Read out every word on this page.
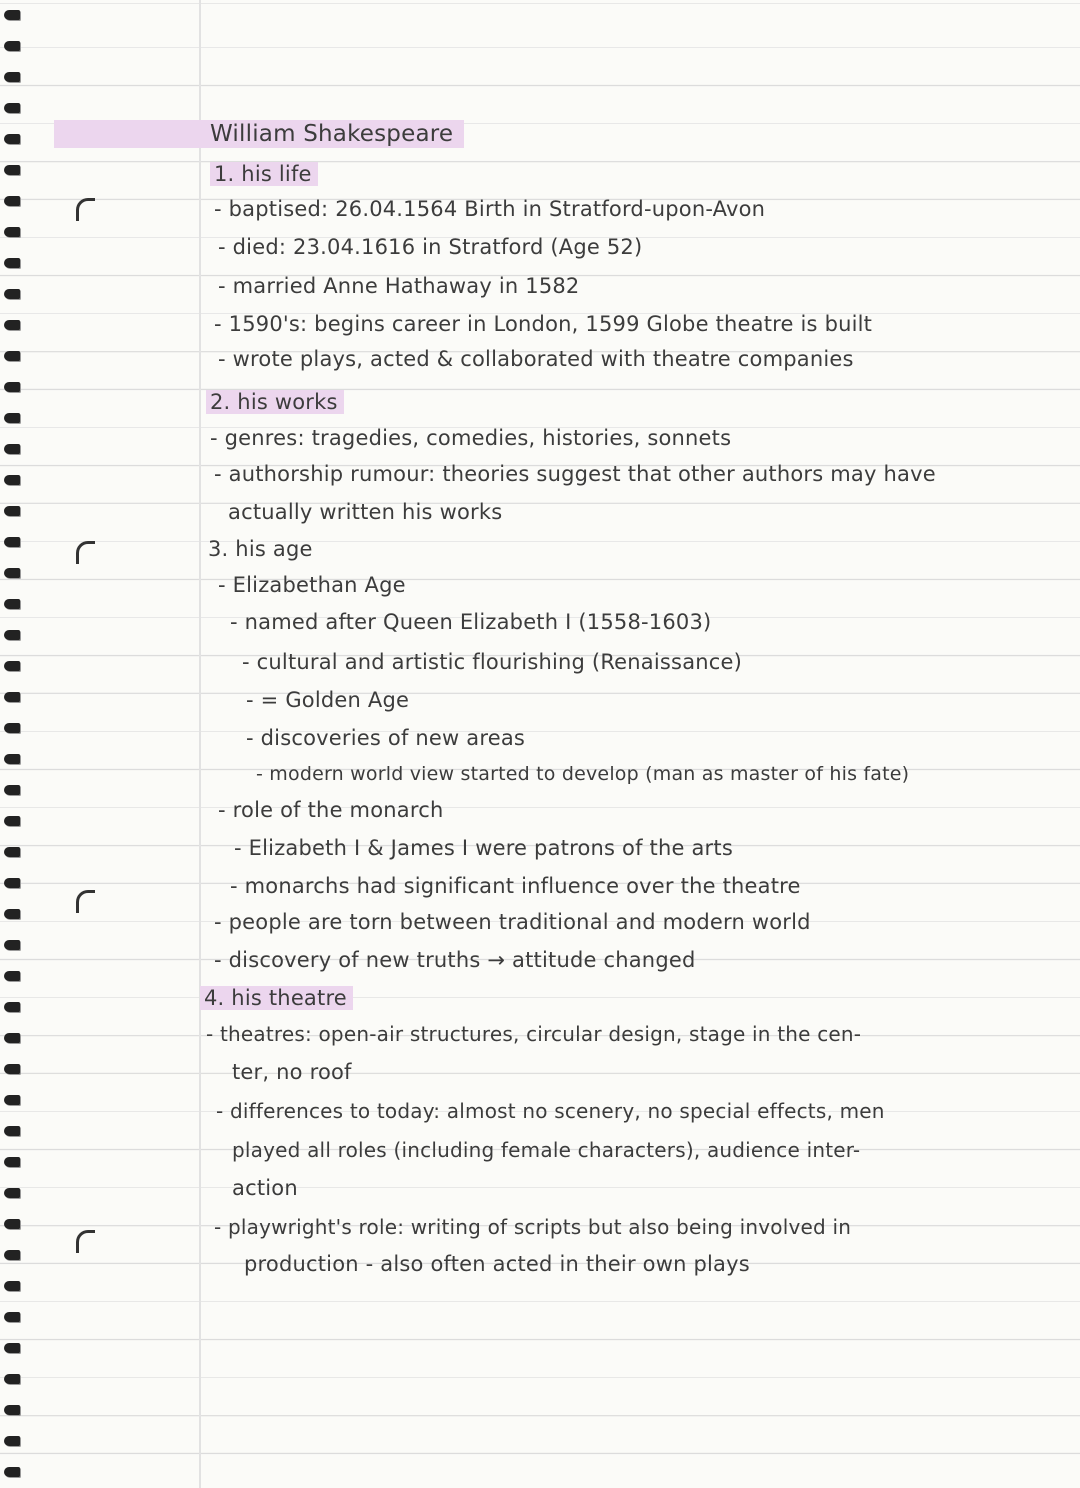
William Shakespeare
1. his life
- baptised: 26.04.1564 Birth in Stratford-upon-Avon
- died: 23.04.1616 in Stratford (Age 52)
- married Anne Hathaway in 1582
- 1590's: begins career in London, 1599 Globe theatre is built
- wrote plays, acted & collaborated with theatre companies
2. his works
- genres: tragedies, comedies, histories, sonnets
- authorship rumour: theories suggest that other authors may have
actually written his works
3. his age
- Elizabethan Age
- named after Queen Elizabeth I (1558-1603)
- cultural and artistic flourishing (Renaissance)
- = Golden Age
- discoveries of new areas
- modern world view started to develop (man as master of his fate)
- role of the monarch
- Elizabeth I & James I were patrons of the arts
- monarchs had significant influence over the theatre
- people are torn between traditional and modern world
- discovery of new truths → attitude changed
4. his theatre
- theatres: open-air structures, circular design, stage in the cen-
ter, no roof
- differences to today: almost no scenery, no special effects, men
played all roles (including female characters), audience inter-
action
- playwright's role: writing of scripts but also being involved in
production - also often acted in their own plays
